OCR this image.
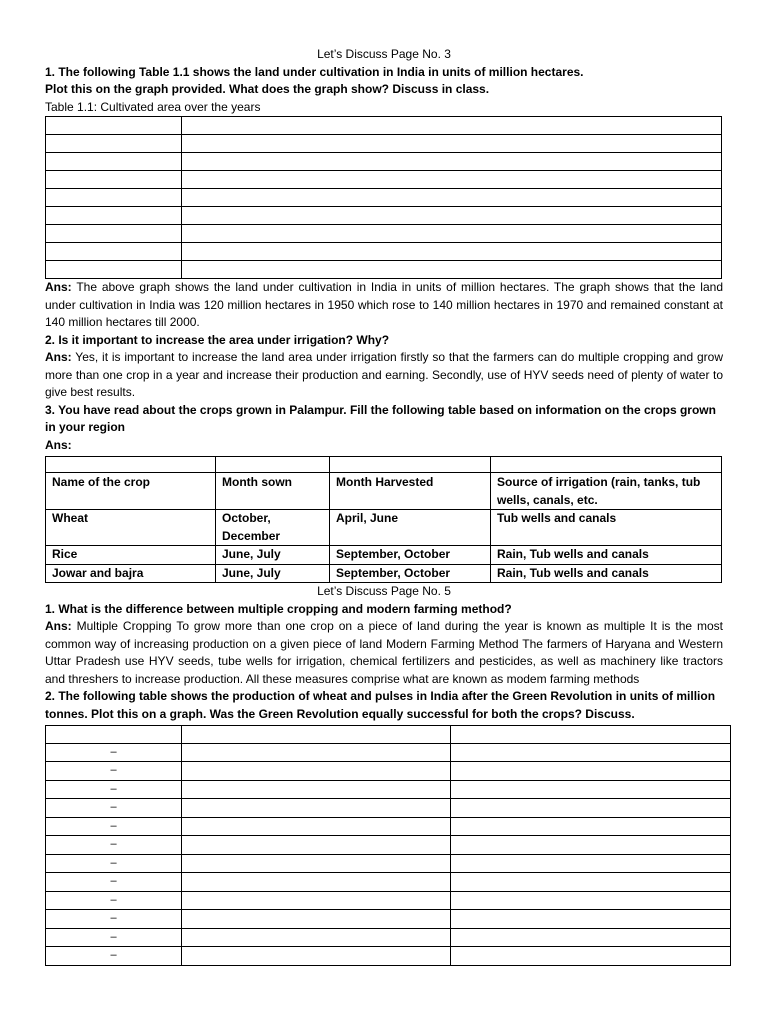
Let’s Discuss Page No. 3

1. The following Table 1.1 shows the land under cultivation in India in units of million hectares.

Plot this on the graph provided. What does the graph show? Discuss in class.

Table 1.1: Cultivated area over the years

Ans: The above graph shows the land under cultivation in India in units of million hectares. The graph shows that the land under cultivation in India was 120 million hectares in 1950 which rose to 140 million hectares in 1970 and remained constant at 140 million hectares till 2000.

2. Is it important to increase the area under irrigation? Why?

Ans: Yes, it is important to increase the land area under irrigation firstly so that the farmers can do multiple cropping and grow more than one crop in a year and increase their production and earning. Secondly, use of HYV seeds need of plenty of water to give best results.

3. You have read about the crops grown in Palampur. Fill the following table based on information on the crops grown in your region

Ans:

Name of the crop	Month sown	Month Harvested	Source of irrigation (rain, tanks, tub wells, canals, etc.
Wheat	October, December	April, June	Tub wells and canals
Rice	June, July	September, October	Rain, Tub wells and canals
Jowar and bajra	June, July	September, October	Rain, Tub wells and canals

Let’s Discuss Page No. 5

1. What is the difference between multiple cropping and modern farming method?

Ans: Multiple Cropping To grow more than one crop on a piece of land during the year is known as multiple It is the most common way of increasing production on a given piece of land Modern Farming Method The farmers of Haryana and Western Uttar Pradesh use HYV seeds, tube wells for irrigation, chemical fertilizers and pesticides, as well as machinery like tractors and threshers to increase production. All these measures comprise what are known as modem farming methods

2. The following table shows the production of wheat and pulses in India after the Green Revolution in units of million tonnes. Plot this on a graph. Was the Green Revolution equally successful for both the crops? Discuss.

–		
–		
–		
–		
–		
–		
–		
–		
–		
–		
–		
–		
